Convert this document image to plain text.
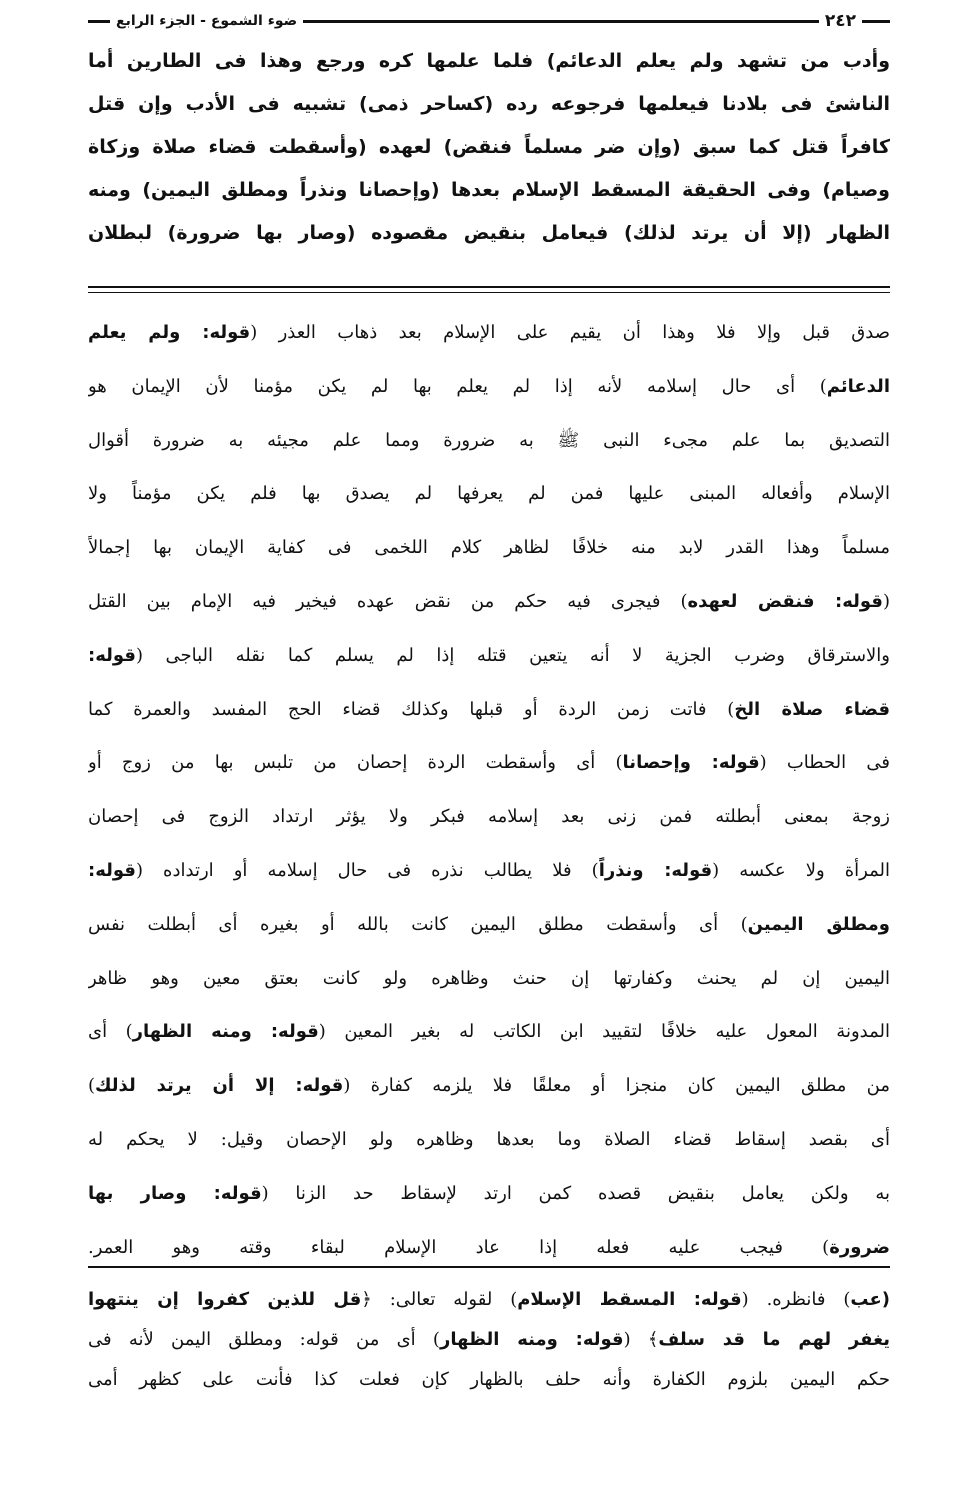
٢٤٢
ضوء الشموع - الجزء الرابع
وأدب من تشهد ولم يعلم الدعائم) فلما علمها كره ورجع وهذا فى الطارين أما
الناشئ فى بلادنا فيعلمها فرجوعه رده (كساحر ذمى) تشبيه فى الأدب وإن قتل
كافراً قتل كما سبق (وإن ضر مسلماً فنقض) لعهده (وأسقطت قضاء صلاة وزكاة
وصيام) وفى الحقيقة المسقط الإسلام بعدها (وإحصانا ونذراً ومطلق اليمين) ومنه
الظهار (إلا أن يرتد لذلك) فيعامل بنقيض مقصوده (وصار بها ضرورة) لبطلان
صدق قبل وإلا فلا وهذا أن يقيم على الإسلام بعد ذهاب العذر (قوله: ولم يعلم
الدعائم) أى حال إسلامه لأنه إذا لم يعلم بها لم يكن مؤمنا لأن الإيمان هو
التصديق بما علم مجىء النبى ﷺ به ضرورة ومما علم مجيئه به ضرورة أقوال
الإسلام وأفعاله المبنى عليها فمن لم يعرفها لم يصدق بها فلم يكن مؤمناً ولا
مسلماً وهذا القدر لابد منه خلافًا لظاهر كلام اللخمى فى كفاية الإيمان بها إجمالاً
(قوله: فنقض لعهده) فيجرى فيه حكم من نقض عهده فيخير فيه الإمام بين القتل
والاسترقاق وضرب الجزية لا أنه يتعين قتله إذا لم يسلم كما نقله الباجى (قوله:
قضاء صلاة الخ) فاتت زمن الردة أو قبلها وكذلك قضاء الحج المفسد والعمرة كما
فى الحطاب (قوله: وإحصانا) أى وأسقطت الردة إحصان من تلبس بها من زوج أو
زوجة بمعنى أبطلته فمن زنى بعد إسلامه فبكر ولا يؤثر ارتداد الزوج فى إحصان
المرأة ولا عكسه (قوله: ونذراً) فلا يطالب نذره فى حال إسلامه أو ارتداده (قوله:
ومطلق اليمين) أى وأسقطت مطلق اليمين كانت بالله أو بغيره أى أبطلت نفس
اليمين إن لم يحنث وكفارتها إن حنث وظاهره ولو كانت بعتق معين وهو ظاهر
المدونة المعول عليه خلافًا لتقييد ابن الكاتب له بغير المعين (قوله: ومنه الظهار) أى
من مطلق اليمين كان منجزا أو معلقًا فلا يلزمه كفارة (قوله: إلا أن يرتد لذلك)
أى بقصد إسقاط قضاء الصلاة وما بعدها وظاهره ولو الإحصان وقيل: لا يحكم له
به ولكن يعامل بنقيض قصده كمن ارتد لإسقاط حد الزنا (قوله: وصار بها
ضرورة) فيجب عليه فعله إذا عاد الإسلام لبقاء وقته وهو العمر.
(عب) فانظره. (قوله: المسقط الإسلام) لقوله تعالى: ﴿قل للذين كفروا إن ينتهوا
يغفر لهم ما قد سلف﴾ (قوله: ومنه الظهار) أى من قوله: ومطلق اليمن لأنه فى
حكم اليمين بلزوم الكفارة وأنه حلف بالظهار كإن فعلت كذا فأنت على كظهر أمى
